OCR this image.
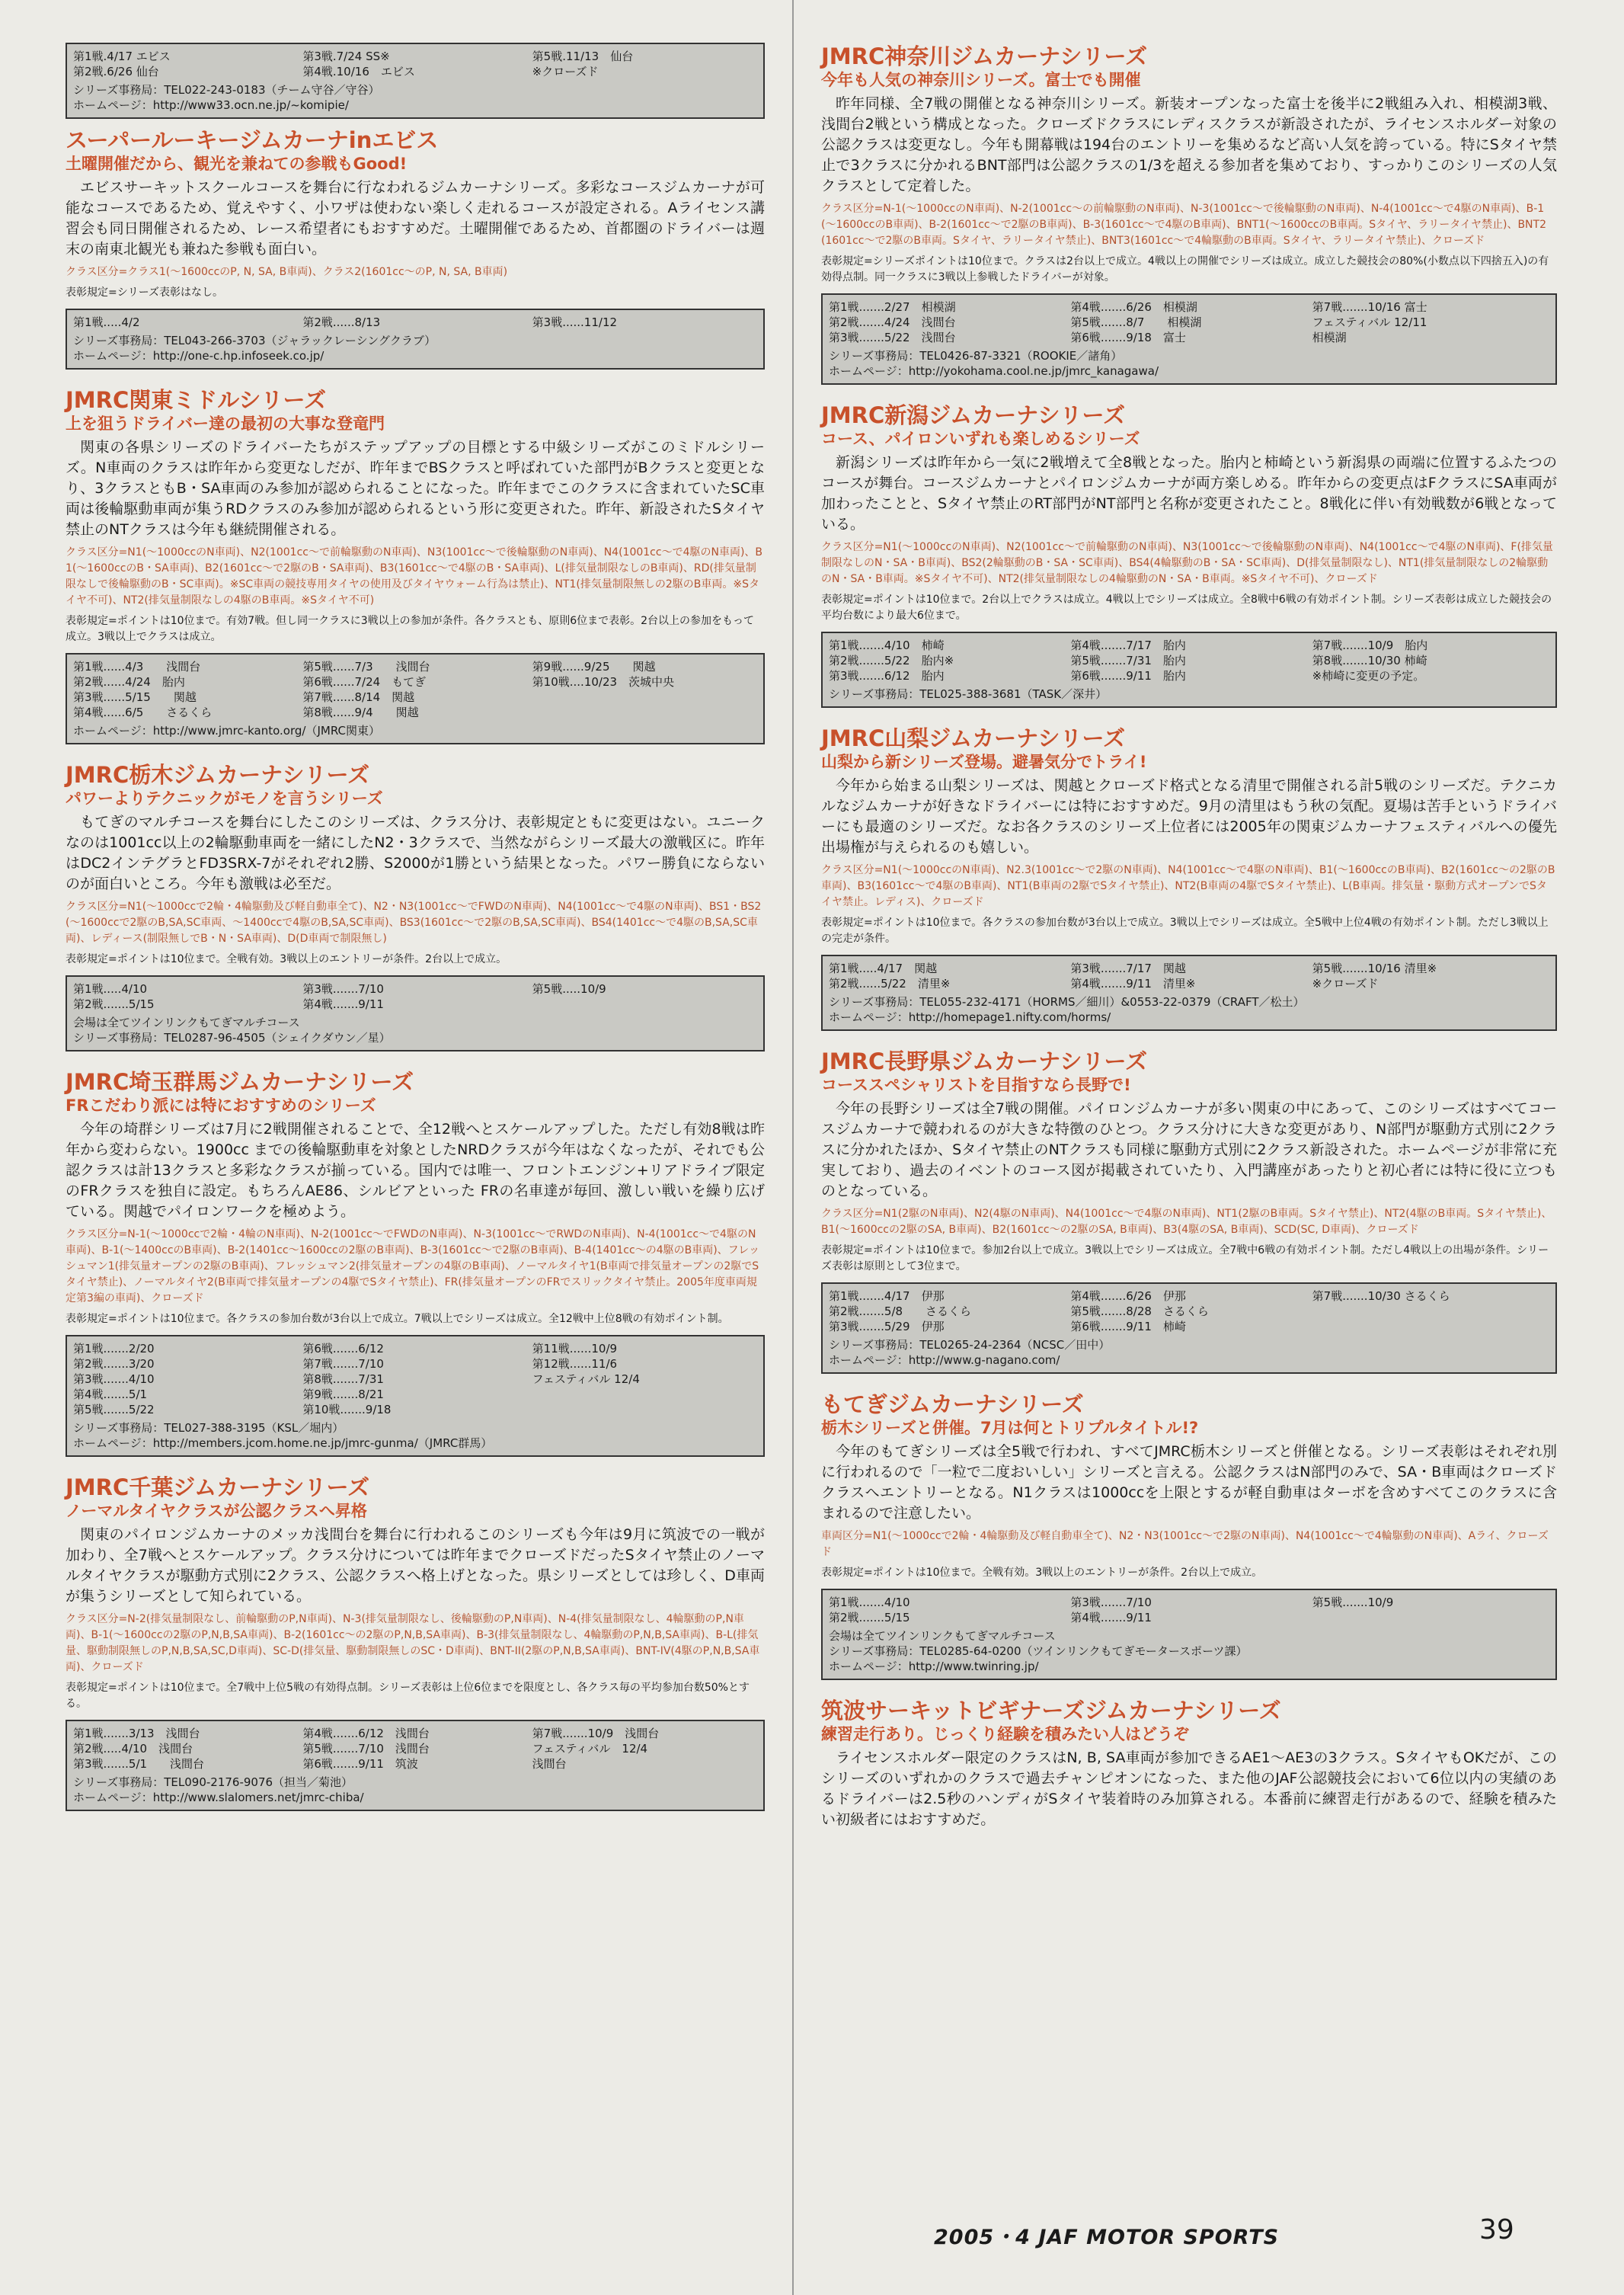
第1戦.4/17 エビス	第3戦.7/24 SS※	第5戦.11/13　仙台
第2戦.6/26 仙台	第4戦.10/16　エビス	※クローズド
シリーズ事務局：TEL022-243-0183（チーム守谷／守谷）
ホームページ：http://www33.ocn.ne.jp/~komipie/
スーパールーキージムカーナinエビス
土曜開催だから、観光を兼ねての参戦もGood!
エビスサーキットスクールコースを舞台に行なわれるジムカーナシリーズ。多彩なコースジムカーナが可能なコースであるため、覚えやすく、小ワザは使わない楽しく走れるコースが設定される。Aライセンス講習会も同日開催されるため、レース希望者にもおすすめだ。土曜開催であるため、首都圏のドライバーは週末の南東北観光も兼ねた参戦も面白い。
クラス区分=クラス1(～1600ccのP, N, SA, B車両)、クラス2(1601cc～のP, N, SA, B車両)
表彰規定=シリーズ表彰はなし。
第1戦.....4/2	第2戦......8/13	第3戦......11/12
シリーズ事務局：TEL043-266-3703（ジャラックレーシングクラブ）
ホームページ：http://one-c.hp.infoseek.co.jp/
JMRC関東ミドルシリーズ
上を狙うドライバー達の最初の大事な登竜門
関東の各県シリーズのドライバーたちがステップアップの目標とする中級シリーズがこのミドルシリーズ。N車両のクラスは昨年から変更なしだが、昨年までBSクラスと呼ばれていた部門がBクラスと変更となり、3クラスともB・SA車両のみ参加が認められることになった。昨年までこのクラスに含まれていたSC車両は後輪駆動車両が集うRDクラスのみ参加が認められるという形に変更された。昨年、新設されたSタイヤ禁止のNTクラスは今年も継続開催される。
クラス区分=N1(～1000ccのN車両)、N2(1001cc～で前輪駆動のN車両)、N3(1001cc～で後輪駆動のN車両)、N4(1001cc～で4駆のN車両)、B1(～1600ccのB・SA車両)、B2(1601cc～で2駆のB・SA車両)、B3(1601cc～で4駆のB・SA車両)、L(排気量制限なしのB車両)、RD(排気量制限なしで後輪駆動のB・SC車両)。※SC車両の競技専用タイヤの使用及びタイヤウォーム行為は禁止)、NT1(排気量制限無しの2駆のB車両。※Sタイヤ不可)、NT2(排気量制限なしの4駆のB車両。※Sタイヤ不可)
表彰規定=ポイントは10位まで。有効7戦。但し同一クラスに3戦以上の参加が条件。各クラスとも、原則6位まで表彰。2台以上の参加をもって成立。3戦以上でクラスは成立。
第1戦......4/3　　浅間台	第5戦......7/3　　浅間台	第9戦......9/25　　関越
第2戦......4/24　胎内	第6戦......7/24　もてぎ	第10戦....10/23　茨城中央
第3戦......5/15　　関越	第7戦......8/14　関越
第4戦......6/5　　さるくら	第8戦......9/4　　関越
ホームページ：http://www.jmrc-kanto.org/（JMRC関東）
JMRC栃木ジムカーナシリーズ
パワーよりテクニックがモノを言うシリーズ
もてぎのマルチコースを舞台にしたこのシリーズは、クラス分け、表彰規定ともに変更はない。ユニークなのは1001cc以上の2輪駆動車両を一緒にしたN2・3クラスで、当然ながらシリーズ最大の激戦区に。昨年はDC2インテグラとFD3SRX-7がそれぞれ2勝、S2000が1勝という結果となった。パワー勝負にならないのが面白いところ。今年も激戦は必至だ。
クラス区分=N1(～1000ccで2輪・4輪駆動及び軽自動車全て)、N2・N3(1001cc～でFWDのN車両)、N4(1001cc～で4駆のN車両)、BS1・BS2(～1600ccで2駆のB,SA,SC車両、～1400ccで4駆のB,SA,SC車両)、BS3(1601cc～で2駆のB,SA,SC車両)、BS4(1401cc～で4駆のB,SA,SC車両)、レディース(制限無しでB・N・SA車両)、D(D車両で制限無し)
表彰規定=ポイントは10位まで。全戦有効。3戦以上のエントリーが条件。2台以上で成立。
第1戦.....4/10	第3戦.......7/10	第5戦.....10/9
第2戦.......5/15	第4戦.......9/11
会場は全てツインリンクもてぎマルチコース
シリーズ事務局：TEL0287-96-4505（シェイクダウン／星）
JMRC埼玉群馬ジムカーナシリーズ
FRこだわり派には特におすすめのシリーズ
今年の埼群シリーズは7月に2戦開催されることで、全12戦へとスケールアップした。ただし有効8戦は昨年から変わらない。1900cc までの後輪駆動車を対象としたNRDクラスが今年はなくなったが、それでも公認クラスは計13クラスと多彩なクラスが揃っている。国内では唯一、フロントエンジン+リアドライブ限定のFRクラスを独自に設定。もちろんAE86、シルビアといった FRの名車達が毎回、激しい戦いを繰り広げている。関越でパイロンワークを極めよう。
クラス区分=N-1(～1000ccで2輪・4輪のN車両)、N-2(1001cc～でFWDのN車両)、N-3(1001cc～でRWDのN車両)、N-4(1001cc～で4駆のN車両)、B-1(～1400ccのB車両)、B-2(1401cc～1600ccの2駆のB車両)、B-3(1601cc～で2駆のB車両)、B-4(1401cc～の4駆のB車両)、フレッシュマン1(排気量オープンの2駆のB車両)、フレッシュマン2(排気量オープンの4駆のB車両)、ノーマルタイヤ1(B車両で排気量オープンの2駆でSタイヤ禁止)、ノーマルタイヤ2(B車両で排気量オープンの4駆でSタイヤ禁止)、FR(排気量オープンのFRでスリックタイヤ禁止。2005年度車両規定第3編の車両)、クローズド
表彰規定=ポイントは10位まで。各クラスの参加台数が3台以上で成立。7戦以上でシリーズは成立。全12戦中上位8戦の有効ポイント制。
第1戦.......2/20	第6戦.......6/12	第11戦......10/9
第2戦.......3/20	第7戦.......7/10	第12戦......11/6
第3戦.......4/10	第8戦.......7/31	フェスティバル 12/4
第4戦.......5/1	第9戦.......8/21
第5戦.......5/22	第10戦.......9/18
シリーズ事務局：TEL027-388-3195（KSL／堀内）
ホームページ：http://members.jcom.home.ne.jp/jmrc-gunma/（JMRC群馬）
JMRC千葉ジムカーナシリーズ
ノーマルタイヤクラスが公認クラスへ昇格
関東のパイロンジムカーナのメッカ浅間台を舞台に行われるこのシリーズも今年は9月に筑波での一戦が加わり、全7戦へとスケールアップ。クラス分けについては昨年までクローズドだったSタイヤ禁止のノーマルタイヤクラスが駆動方式別に2クラス、公認クラスへ格上げとなった。県シリーズとしては珍しく、D車両が集うシリーズとして知られている。
クラス区分=N-2(排気量制限なし、前輪駆動のP,N車両)、N-3(排気量制限なし、後輪駆動のP,N車両)、N-4(排気量制限なし、4輪駆動のP,N車両)、B-1(～1600ccの2駆のP,N,B,SA車両)、B-2(1601cc～の2駆のP,N,B,SA車両)、B-3(排気量制限なし、4輪駆動のP,N,B,SA車両)、B-L(排気量、駆動制限無しのP,N,B,SA,SC,D車両)、SC-D(排気量、駆動制限無しのSC・D車両)、BNT-II(2駆のP,N,B,SA車両)、BNT-IV(4駆のP,N,B,SA車両)、クローズド
表彰規定=ポイントは10位まで。全7戦中上位5戦の有効得点制。シリーズ表彰は上位6位までを限度とし、各クラス毎の平均参加台数50%とする。
第1戦.......3/13　浅間台	第4戦.......6/12　浅間台	第7戦.......10/9　浅間台
第2戦.....4/10　浅間台	第5戦.......7/10　浅間台	フェスティバル　12/4
第3戦.......5/1　　浅間台	第6戦.......9/11　筑波	浅間台
シリーズ事務局：TEL090-2176-9076（担当／菊池）
ホームページ：http://www.slalomers.net/jmrc-chiba/
JMRC神奈川ジムカーナシリーズ
今年も人気の神奈川シリーズ。富士でも開催
昨年同様、全7戦の開催となる神奈川シリーズ。新装オープンなった富士を後半に2戦組み入れ、相模湖3戦、浅間台2戦という構成となった。クローズドクラスにレディスクラスが新設されたが、ライセンスホルダー対象の公認クラスは変更なし。今年も開幕戦は194台のエントリーを集めるなど高い人気を誇っている。特にSタイヤ禁止で3クラスに分かれるBNT部門は公認クラスの1/3を超える参加者を集めており、すっかりこのシリーズの人気クラスとして定着した。
クラス区分=N-1(～1000ccのN車両)、N-2(1001cc～の前輪駆動のN車両)、N-3(1001cc～で後輪駆動のN車両)、N-4(1001cc～で4駆のN車両)、B-1(～1600ccのB車両)、B-2(1601cc～で2駆のB車両)、B-3(1601cc～で4駆のB車両)、BNT1(～1600ccのB車両。Sタイヤ、ラリータイヤ禁止)、BNT2(1601cc～で2駆のB車両。Sタイヤ、ラリータイヤ禁止)、BNT3(1601cc～で4輪駆動のB車両。Sタイヤ、ラリータイヤ禁止)、クローズド
表彰規定=シリーズポイントは10位まで。クラスは2台以上で成立。4戦以上の開催でシリーズは成立。成立した競技会の80%(小数点以下四捨五入)の有効得点制。同一クラスに3戦以上参戦したドライバーが対象。
第1戦.......2/27　相模湖	第4戦.......6/26　相模湖	第7戦.......10/16 富士
第2戦.......4/24　浅間台	第5戦.......8/7　　相模湖	フェスティバル 12/11
第3戦.......5/22　浅間台	第6戦.......9/18　富士	相模湖
シリーズ事務局：TEL0426-87-3321（ROOKIE／諸角）
ホームページ：http://yokohama.cool.ne.jp/jmrc_kanagawa/
JMRC新潟ジムカーナシリーズ
コース、パイロンいずれも楽しめるシリーズ
新潟シリーズは昨年から一気に2戦増えて全8戦となった。胎内と柿崎という新潟県の両端に位置するふたつのコースが舞台。コースジムカーナとパイロンジムカーナが両方楽しめる。昨年からの変更点はFクラスにSA車両が加わったことと、Sタイヤ禁止のRT部門がNT部門と名称が変更されたこと。8戦化に伴い有効戦数が6戦となっている。
クラス区分=N1(～1000ccのN車両)、N2(1001cc～で前輪駆動のN車両)、N3(1001cc～で後輪駆動のN車両)、N4(1001cc～で4駆のN車両)、F(排気量制限なしのN・SA・B車両)、BS2(2輪駆動のB・SA・SC車両)、BS4(4輪駆動のB・SA・SC車両)、D(排気量制限なし)、NT1(排気量制限なしの2輪駆動のN・SA・B車両。※Sタイヤ不可)、NT2(排気量制限なしの4輪駆動のN・SA・B車両。※Sタイヤ不可)、クローズド
表彰規定=ポイントは10位まで。2台以上でクラスは成立。4戦以上でシリーズは成立。全8戦中6戦の有効ポイント制。シリーズ表彰は成立した競技会の平均台数により最大6位まで。
第1戦.......4/10　柿崎	第4戦.......7/17　胎内	第7戦.......10/9　胎内
第2戦.......5/22　胎内※	第5戦.......7/31　胎内	第8戦.......10/30 柿崎
第3戦.......6/12　胎内	第6戦.......9/11　胎内	※柿崎に変更の予定。
シリーズ事務局：TEL025-388-3681（TASK／深井）
JMRC山梨ジムカーナシリーズ
山梨から新シリーズ登場。避暑気分でトライ!
今年から始まる山梨シリーズは、関越とクローズド格式となる清里で開催される計5戦のシリーズだ。テクニカルなジムカーナが好きなドライバーには特におすすめだ。9月の清里はもう秋の気配。夏場は苦手というドライバーにも最適のシリーズだ。なお各クラスのシリーズ上位者には2005年の関東ジムカーナフェスティバルへの優先出場権が与えられるのも嬉しい。
クラス区分=N1(～1000ccのN車両)、N2.3(1001cc～で2駆のN車両)、N4(1001cc～で4駆のN車両)、B1(～1600ccのB車両)、B2(1601cc～の2駆のB車両)、B3(1601cc～で4駆のB車両)、NT1(B車両の2駆でSタイヤ禁止)、NT2(B車両の4駆でSタイヤ禁止)、L(B車両。排気量・駆動方式オープンでSタイヤ禁止。レディス)、クローズド
表彰規定=ポイントは10位まで。各クラスの参加台数が3台以上で成立。3戦以上でシリーズは成立。全5戦中上位4戦の有効ポイント制。ただし3戦以上の完走が条件。
第1戦.....4/17　関越	第3戦.......7/17　関越	第5戦.......10/16 清里※
第2戦......5/22　清里※	第4戦.......9/11　清里※	※クローズド
シリーズ事務局：TEL055-232-4171（HORMS／細川）&0553-22-0379（CRAFT／松土）
ホームページ：http://homepage1.nifty.com/horms/
JMRC長野県ジムカーナシリーズ
コーススペシャリストを目指すなら長野で!
今年の長野シリーズは全7戦の開催。パイロンジムカーナが多い関東の中にあって、このシリーズはすべてコースジムカーナで競われるのが大きな特徴のひとつ。クラス分けに大きな変更があり、N部門が駆動方式別に2クラスに分かれたほか、Sタイヤ禁止のNTクラスも同様に駆動方式別に2クラス新設された。ホームページが非常に充実しており、過去のイベントのコース図が掲載されていたり、入門講座があったりと初心者には特に役に立つものとなっている。
クラス区分=N1(2駆のN車両)、N2(4駆のN車両)、N4(1001cc～で4駆のN車両)、NT1(2駆のB車両。Sタイヤ禁止)、NT2(4駆のB車両。Sタイヤ禁止)、B1(～1600ccの2駆のSA, B車両)、B2(1601cc～の2駆のSA, B車両)、B3(4駆のSA, B車両)、SCD(SC, D車両)、クローズド
表彰規定=ポイントは10位まで。参加2台以上で成立。3戦以上でシリーズは成立。全7戦中6戦の有効ポイント制。ただし4戦以上の出場が条件。シリーズ表彰は原則として3位まで。
第1戦.......4/17　伊那	第4戦.......6/26　伊那	第7戦.......10/30 さるくら
第2戦.......5/8　　さるくら	第5戦.......8/28　さるくら
第3戦.......5/29　伊那	第6戦.......9/11　柿崎
シリーズ事務局：TEL0265-24-2364（NCSC／田中）
ホームページ：http://www.g-nagano.com/
もてぎジムカーナシリーズ
栃木シリーズと併催。7月は何とトリプルタイトル!?
今年のもてぎシリーズは全5戦で行われ、すべてJMRC栃木シリーズと併催となる。シリーズ表彰はそれぞれ別に行われるので「一粒で二度おいしい」シリーズと言える。公認クラスはN部門のみで、SA・B車両はクローズドクラスへエントリーとなる。N1クラスは1000ccを上限とするが軽自動車はターボを含めすべてこのクラスに含まれるので注意したい。
車両区分=N1(～1000ccで2輪・4輪駆動及び軽自動車全て)、N2・N3(1001cc～で2駆のN車両)、N4(1001cc～で4輪駆動のN車両)、Aライ、クローズド
表彰規定=ポイントは10位まで。全戦有効。3戦以上のエントリーが条件。2台以上で成立。
第1戦.......4/10	第3戦.......7/10	第5戦.......10/9
第2戦.......5/15	第4戦.......9/11
会場は全てツインリンクもてぎマルチコース
シリーズ事務局：TEL0285-64-0200（ツインリンクもてぎモータースポーツ課）
ホームページ：http://www.twinring.jp/
筑波サーキットビギナーズジムカーナシリーズ
練習走行あり。じっくり経験を積みたい人はどうぞ
ライセンスホルダー限定のクラスはN, B, SA車両が参加できるAE1～AE3の3クラス。SタイヤもOKだが、このシリーズのいずれかのクラスで過去チャンピオンになった、また他のJAF公認競技会において6位以内の実績のあるドライバーは2.5秒のハンディがSタイヤ装着時のみ加算される。本番前に練習走行があるので、経験を積みたい初級者にはおすすめだ。
2005・4 JAF MOTOR SPORTS	39
